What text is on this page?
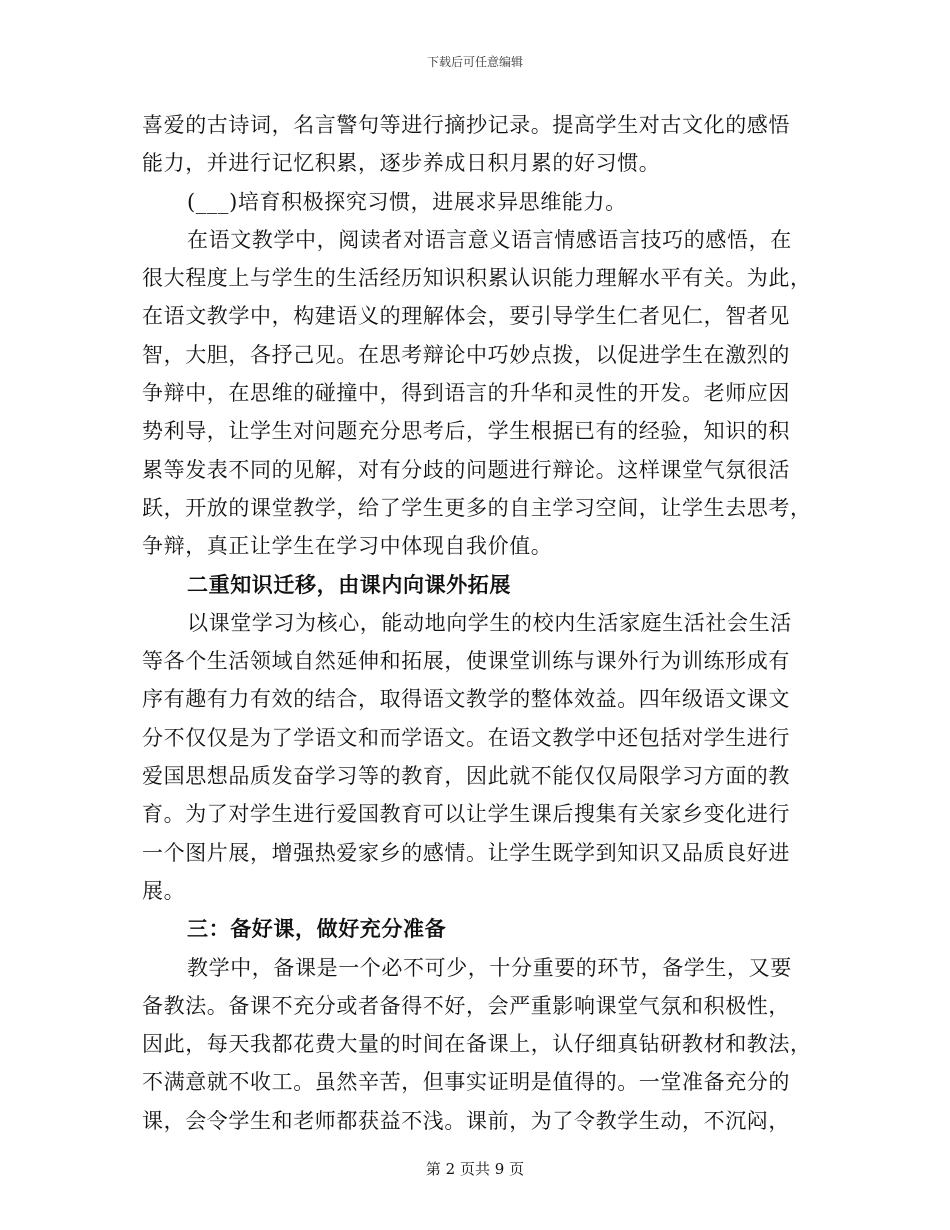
下载后可任意编辑
喜爱的古诗词，名言警句等进行摘抄记录。提高学生对古文化的感悟
能力，并进行记忆积累，逐步养成日积月累的好习惯。
(___)培育积极探究习惯，进展求异思维能力。
在语文教学中，阅读者对语言意义语言情感语言技巧的感悟，在
很大程度上与学生的生活经历知识积累认识能力理解水平有关。为此，
在语文教学中，构建语义的理解体会，要引导学生仁者见仁，智者见
智，大胆，各抒己见。在思考辩论中巧妙点拨，以促进学生在激烈的
争辩中，在思维的碰撞中，得到语言的升华和灵性的开发。老师应因
势利导，让学生对问题充分思考后，学生根据已有的经验，知识的积
累等发表不同的见解，对有分歧的问题进行辩论。这样课堂气氛很活
跃，开放的课堂教学，给了学生更多的自主学习空间，让学生去思考，
争辩，真正让学生在学习中体现自我价值。
二重知识迁移，由课内向课外拓展
以课堂学习为核心，能动地向学生的校内生活家庭生活社会生活
等各个生活领域自然延伸和拓展，使课堂训练与课外行为训练形成有
序有趣有力有效的结合，取得语文教学的整体效益。四年级语文课文
分不仅仅是为了学语文和而学语文。在语文教学中还包括对学生进行
爱国思想品质发奋学习等的教育，因此就不能仅仅局限学习方面的教
育。为了对学生进行爱国教育可以让学生课后搜集有关家乡变化进行
一个图片展，增强热爱家乡的感情。让学生既学到知识又品质良好进
展。
三：备好课，做好充分准备
教学中，备课是一个必不可少，十分重要的环节，备学生，又要
备教法。备课不充分或者备得不好，会严重影响课堂气氛和积极性，
因此，每天我都花费大量的时间在备课上，认仔细真钻研教材和教法，
不满意就不收工。虽然辛苦，但事实证明是值得的。一堂准备充分的
课，会令学生和老师都获益不浅。课前，为了令教学生动，不沉闷，
第 2 页共 9 页
